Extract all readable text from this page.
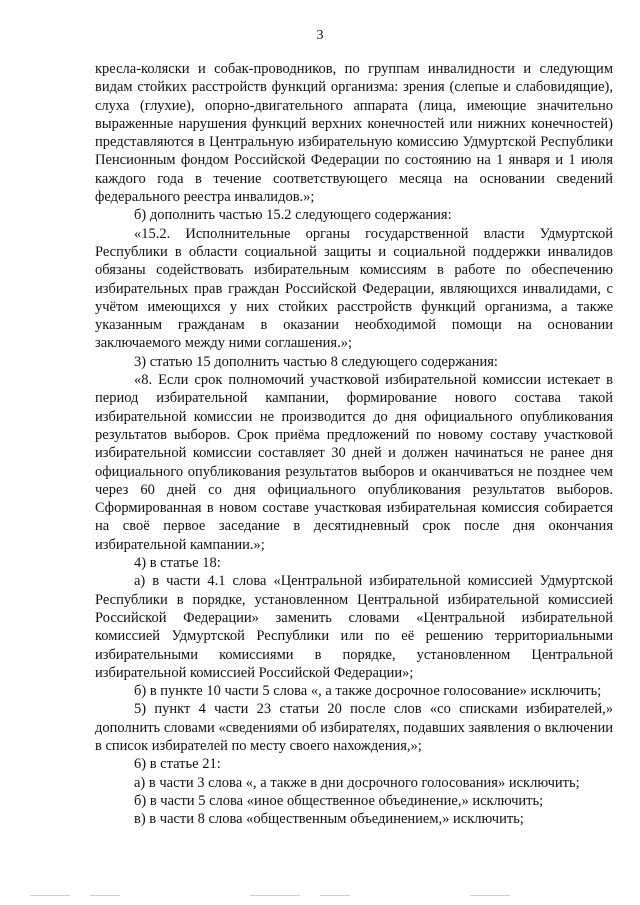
3

кресла-коляски и собак-проводников, по группам инвалидности и следующим видам стойких расстройств функций организма: зрения (слепые и слабовидящие), слуха (глухие), опорно-двигательного аппарата (лица, имеющие значительно выраженные нарушения функций верхних конечностей или нижних конечностей) представляются в Центральную избирательную комиссию Удмуртской Республики Пенсионным фондом Российской Федерации по состоянию на 1 января и 1 июля каждого года в течение соответствующего месяца на основании сведений федерального реестра инвалидов.»;

б) дополнить частью 15.2 следующего содержания:

«15.2. Исполнительные органы государственной власти Удмуртской Республики в области социальной защиты и социальной поддержки инвалидов обязаны содействовать избирательным комиссиям в работе по обеспечению избирательных прав граждан Российской Федерации, являющихся инвалидами, с учётом имеющихся у них стойких расстройств функций организма, а также указанным гражданам в оказании необходимой помощи на основании заключаемого между ними соглашения.»;

3) статью 15 дополнить частью 8 следующего содержания:

«8. Если срок полномочий участковой избирательной комиссии истекает в период избирательной кампании, формирование нового состава такой избирательной комиссии не производится до дня официального опубликования результатов выборов. Срок приёма предложений по новому составу участковой избирательной комиссии составляет 30 дней и должен начинаться не ранее дня официального опубликования результатов выборов и оканчиваться не позднее чем через 60 дней со дня официального опубликования результатов выборов. Сформированная в новом составе участковая избирательная комиссия собирается на своё первое заседание в десятидневный срок после дня окончания избирательной кампании.»;

4) в статье 18:

а) в части 4.1 слова «Центральной избирательной комиссией Удмуртской Республики в порядке, установленном Центральной избирательной комиссией Российской Федерации» заменить словами «Центральной избирательной комиссией Удмуртской Республики или по её решению территориальными избирательными комиссиями в порядке, установленном Центральной избирательной комиссией Российской Федерации»;

б) в пункте 10 части 5 слова «, а также досрочное голосование» исключить;

5) пункт 4 части 23 статьи 20 после слов «со списками избирателей,» дополнить словами «сведениями об избирателях, подавших заявления о включении в список избирателей по месту своего нахождения,»;

6) в статье 21:

а) в части 3 слова «, а также в дни досрочного голосования» исключить;

б) в части 5 слова «иное общественное объединение,» исключить;

в) в части 8 слова «общественным объединением,» исключить;
